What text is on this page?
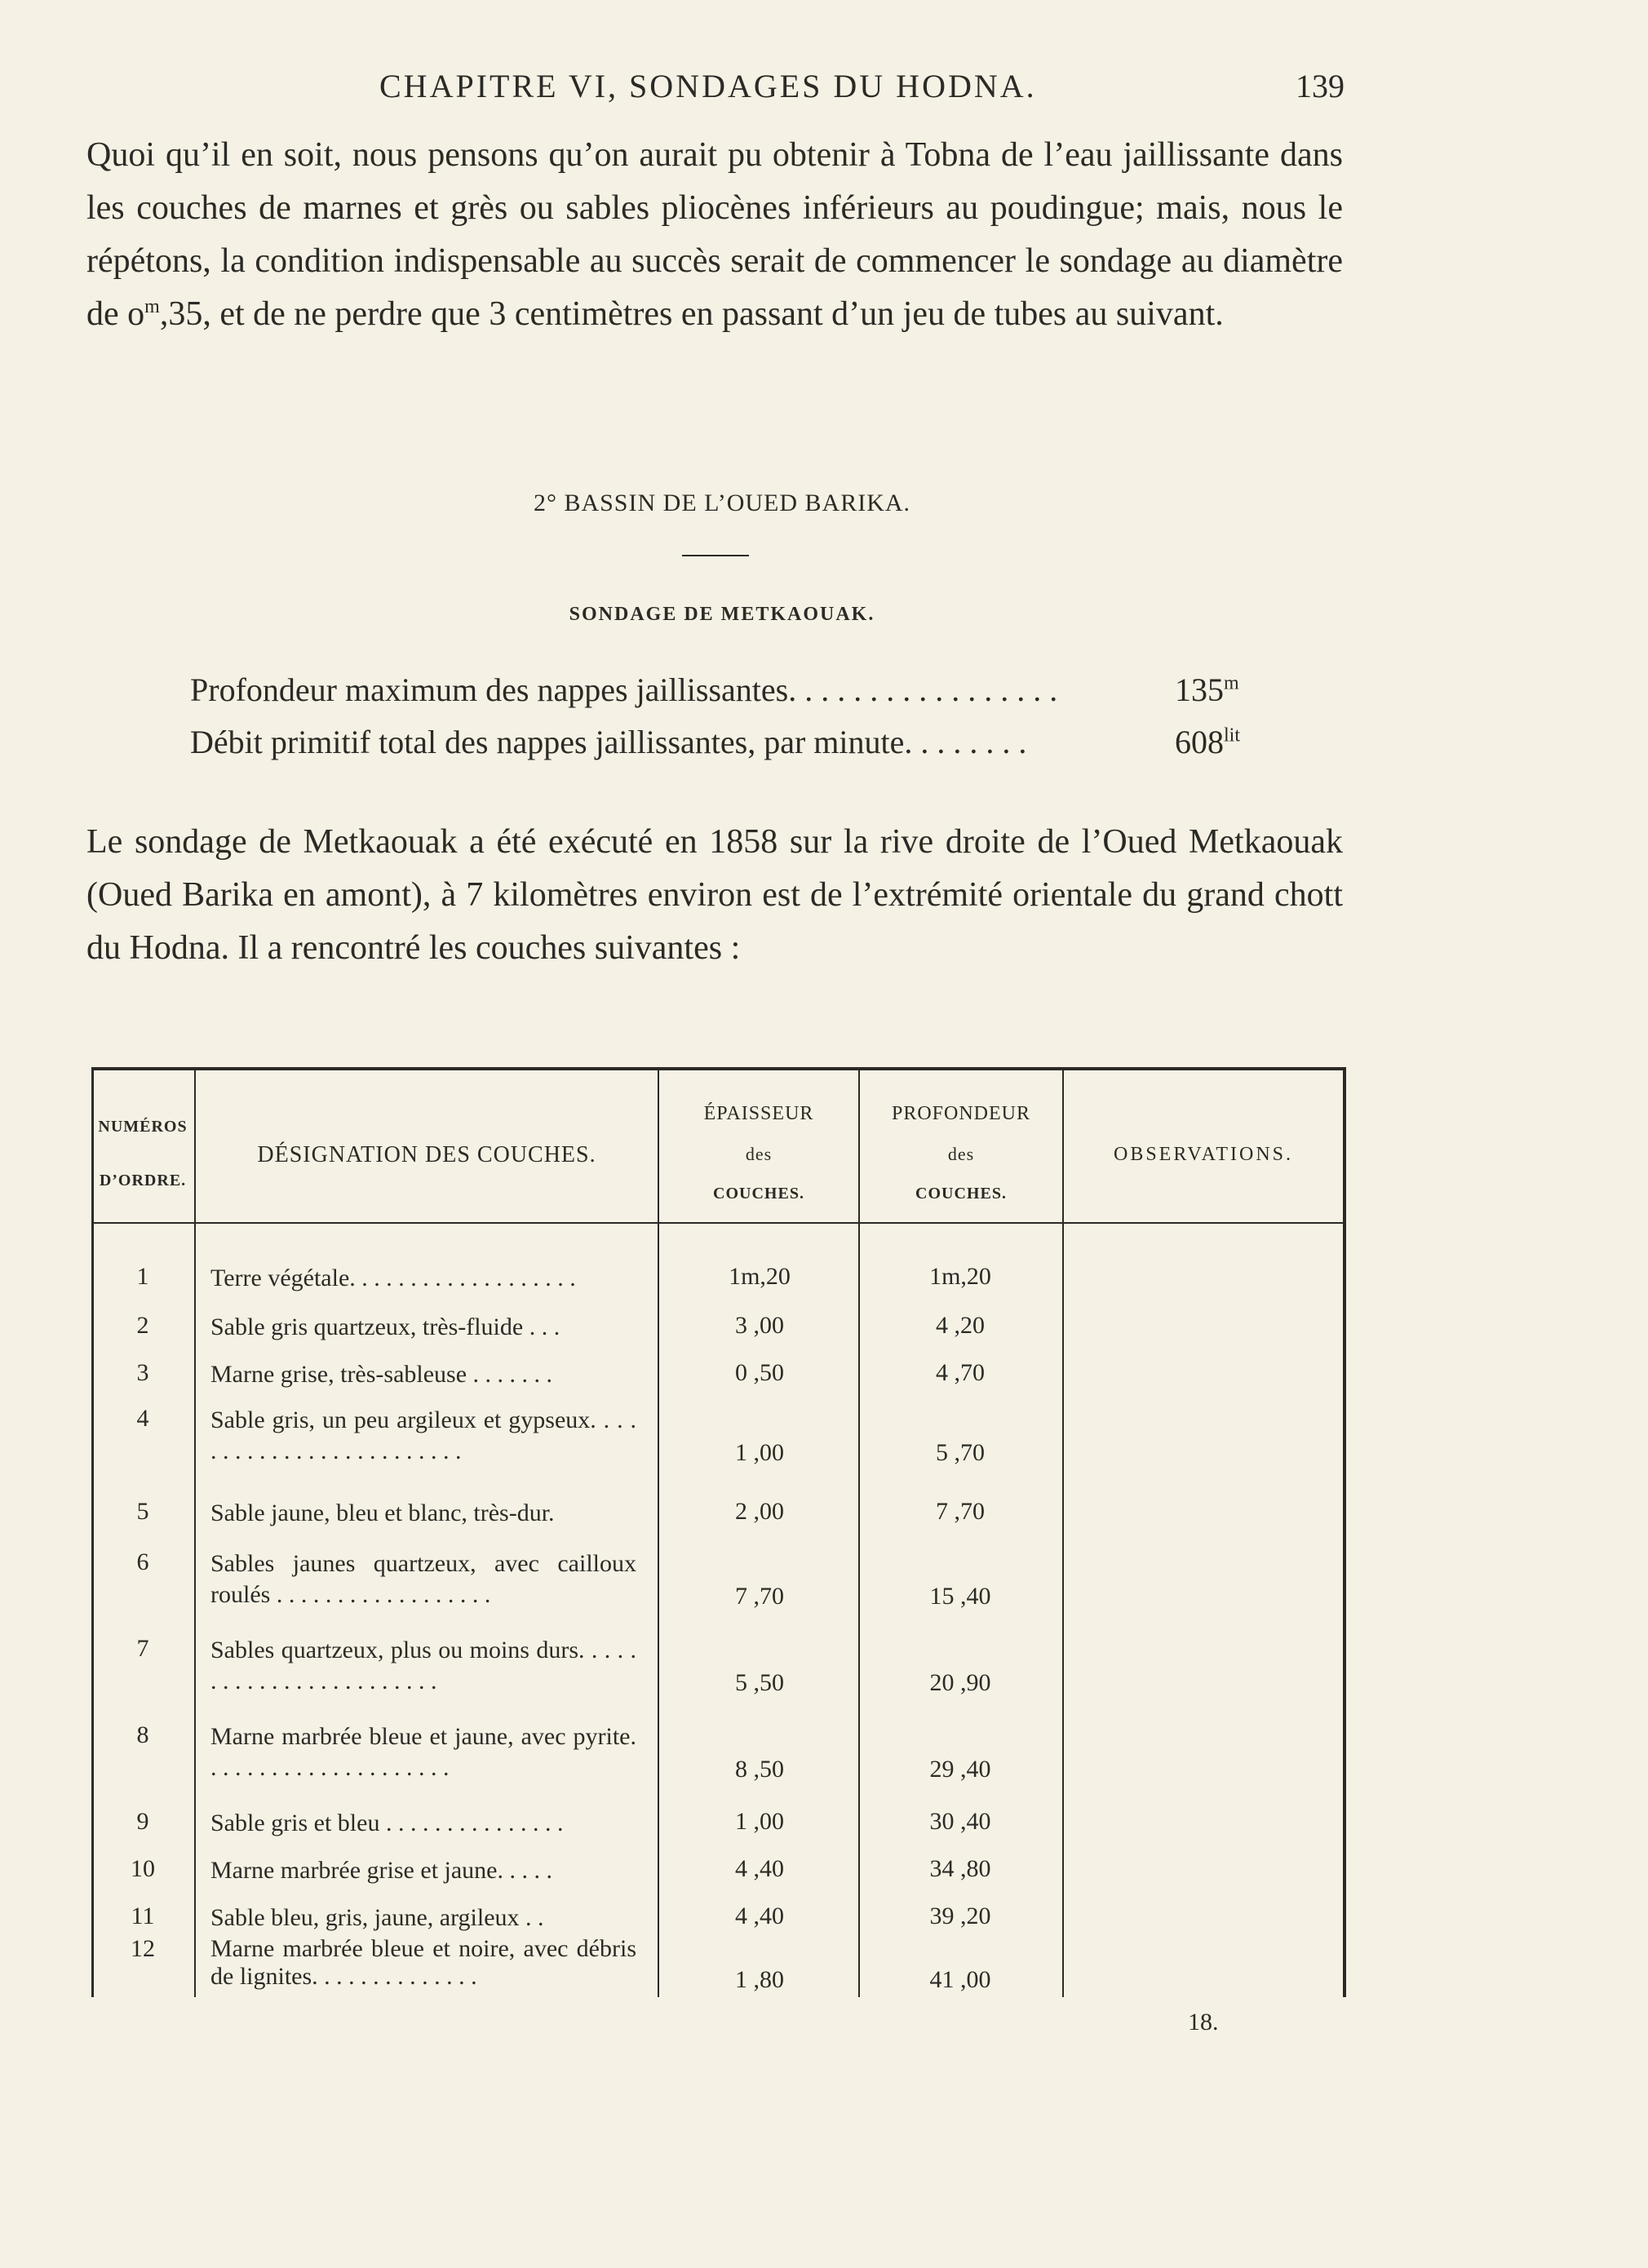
CHAPITRE VI, SONDAGES DU HODNA.	139

Quoi qu’il en soit, nous pensons qu’on aurait pu obtenir à Tobna de l’eau jaillissante dans les couches de marnes et grès ou sables pliocènes inférieurs au poudingue; mais, nous le répétons, la condition indispensable au succès serait de commencer le sondage au diamètre de $o^m,35$, et de ne perdre que 3 centimètres en passant d’un jeu de tubes au suivant.

2° BASSIN DE L’OUED BARIKA.
SONDAGE DE METKAOUAK.
Profondeur maximum des nappes jaillissantes. . . . . . . . . . . . . . . . .	135$^m$
Débit primitif total des nappes jaillissantes, par minute. . . . . . . .	$608^{lit}$

Le sondage de Metkaouak a été exécuté en 1858 sur la rive droite de l’Oued Metkaouak (Oued Barika en amont), à 7 kilomètres environ est de l’extrémité orientale du grand chott du Hodna. Il a rencontré les couches suivantes :

NUMÉROS
D’ORDRE.
DÉSIGNATION DES COUCHES.
ÉPAISSEUR
des
COUCHES.
PROFONDEUR
des
COUCHES.
OBSERVATIONS.
1	Terre végétale. . . . . . . . . . . . . . . . . . .	1m,20	1m,20
2	Sable gris quartzeux, très-fluide . . .	3 ,00	4 ,20
3	Marne grise, très-sableuse . . . . . . .	0 ,50	4 ,70
4	Sable gris, un peu argileux et gypseux. . . . . . . . . . . . . . . . . . . . . . . . .	1 ,00	5 ,70
5	Sable jaune, bleu et blanc, très-dur.	2 ,00	7 ,70
6	Sables jaunes quartzeux, avec cailloux roulés . . . . . . . . . . . . . . . . . .	7 ,70	15 ,40
7	Sables quartzeux, plus ou moins durs. . . . . . . . . . . . . . . . . . . . . . . .	5 ,50	20 ,90
8	Marne marbrée bleue et jaune, avec pyrite. . . . . . . . . . . . . . . . . . . . .	8 ,50	29 ,40
9	Sable gris et bleu . . . . . . . . . . . . . . .	1 ,00	30 ,40
10	Marne marbrée grise et jaune. . . . .	4 ,40	34 ,80
11	Sable bleu, gris, jaune, argileux . .	4 ,40	39 ,20
12	Marne marbrée bleue et noire, avec débris de lignites. . . . . . . . . . . . . .	1 ,80	41 ,00
18.
